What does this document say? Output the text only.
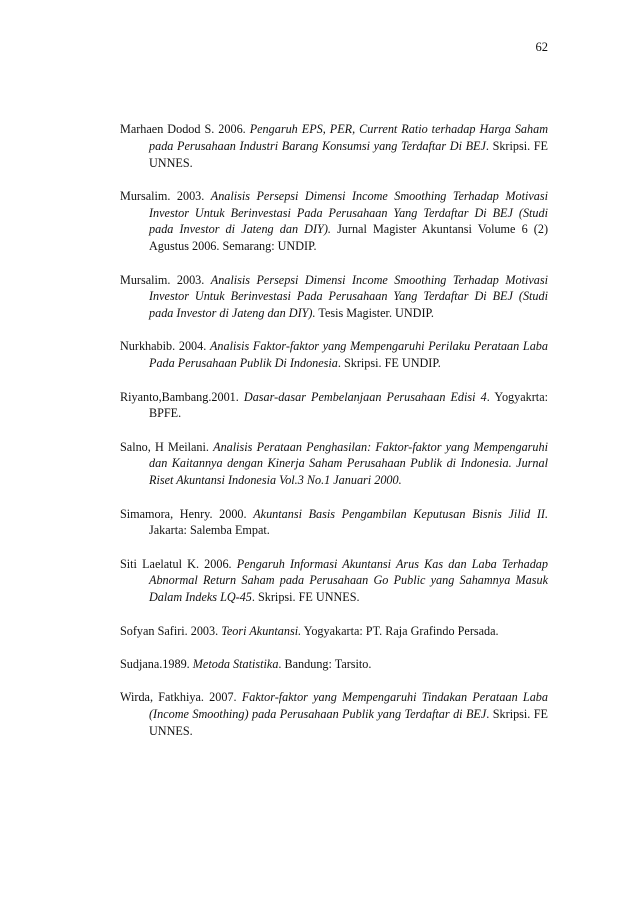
62

Marhaen Dodod S. 2006. Pengaruh EPS, PER, Current Ratio terhadap Harga Saham pada Perusahaan Industri Barang Konsumsi yang Terdaftar Di BEJ. Skripsi. FE UNNES.

Mursalim. 2003. Analisis Persepsi Dimensi Income Smoothing Terhadap Motivasi Investor Untuk Berinvestasi Pada Perusahaan Yang Terdaftar Di BEJ (Studi pada Investor di Jateng dan DIY). Jurnal Magister Akuntansi Volume 6 (2) Agustus 2006. Semarang: UNDIP.

Mursalim. 2003. Analisis Persepsi Dimensi Income Smoothing Terhadap Motivasi Investor Untuk Berinvestasi Pada Perusahaan Yang Terdaftar Di BEJ (Studi pada Investor di Jateng dan DIY). Tesis Magister. UNDIP.

Nurkhabib. 2004. Analisis Faktor-faktor yang Mempengaruhi Perilaku Perataan Laba Pada Perusahaan Publik Di Indonesia. Skripsi. FE UNDIP.

Riyanto,Bambang.2001. Dasar-dasar Pembelanjaan Perusahaan Edisi 4. Yogyakrta: BPFE.

Salno, H Meilani. Analisis Perataan Penghasilan: Faktor-faktor yang Mempengaruhi dan Kaitannya dengan Kinerja Saham Perusahaan Publik di Indonesia. Jurnal Riset Akuntansi Indonesia Vol.3 No.1 Januari 2000.

Simamora, Henry. 2000. Akuntansi Basis Pengambilan Keputusan Bisnis Jilid II. Jakarta: Salemba Empat.

Siti Laelatul K. 2006. Pengaruh Informasi Akuntansi Arus Kas dan Laba Terhadap Abnormal Return Saham pada Perusahaan Go Public yang Sahamnya Masuk Dalam Indeks LQ-45. Skripsi. FE UNNES.

Sofyan Safiri. 2003. Teori Akuntansi. Yogyakarta: PT. Raja Grafindo Persada.

Sudjana.1989. Metoda Statistika. Bandung: Tarsito.

Wirda, Fatkhiya. 2007. Faktor-faktor yang Mempengaruhi Tindakan Perataan Laba (Income Smoothing) pada Perusahaan Publik yang Terdaftar di BEJ. Skripsi. FE UNNES.
